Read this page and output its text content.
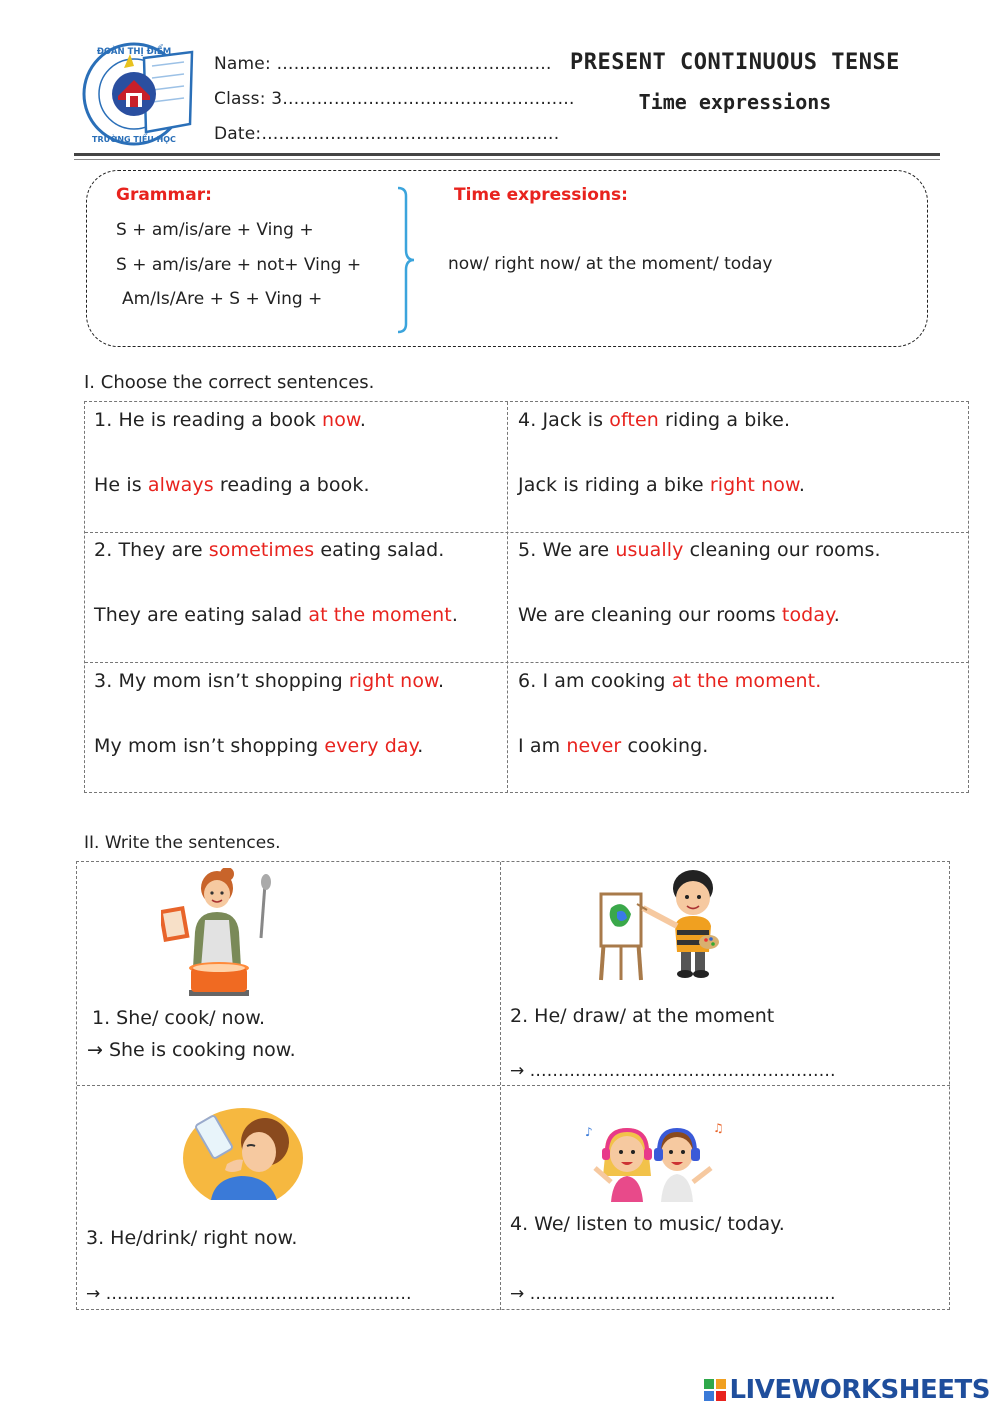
ĐOÀN THỊ ĐIỂM
TRƯỜNG TIỂU HỌC
Name: …………………………………………
Class: 3……………………………………………
Date:…………………………………………….
PRESENT CONTINUOUS TENSE
Time expressions
Grammar:
S + am/is/are + Ving +
S + am/is/are + not+ Ving +
Am/Is/Are + S + Ving +
Time expressions:
now/ right now/ at the moment/ today
I. Choose the correct sentences.
1. He is reading a book now.
He is always reading a book.
2. They are sometimes eating salad.
They are eating salad at the moment.
3. My mom isn’t shopping right now.
My mom isn’t shopping every day.
4. Jack is often riding a bike.
Jack is riding a bike right now.
5. We are usually cleaning our rooms.
We are cleaning our rooms today.
6. I am cooking at the moment.
I am never cooking.
II. Write the sentences.
1. She/ cook/ now.
→ She is cooking now.
2. He/ draw/ at the moment
→ ………………………………………………
3. He/drink/ right now.
→ ………………………………………………
♪	♫
4. We/ listen to music/ today.
→ ………………………………………………
LIVEWORKSHEETS
